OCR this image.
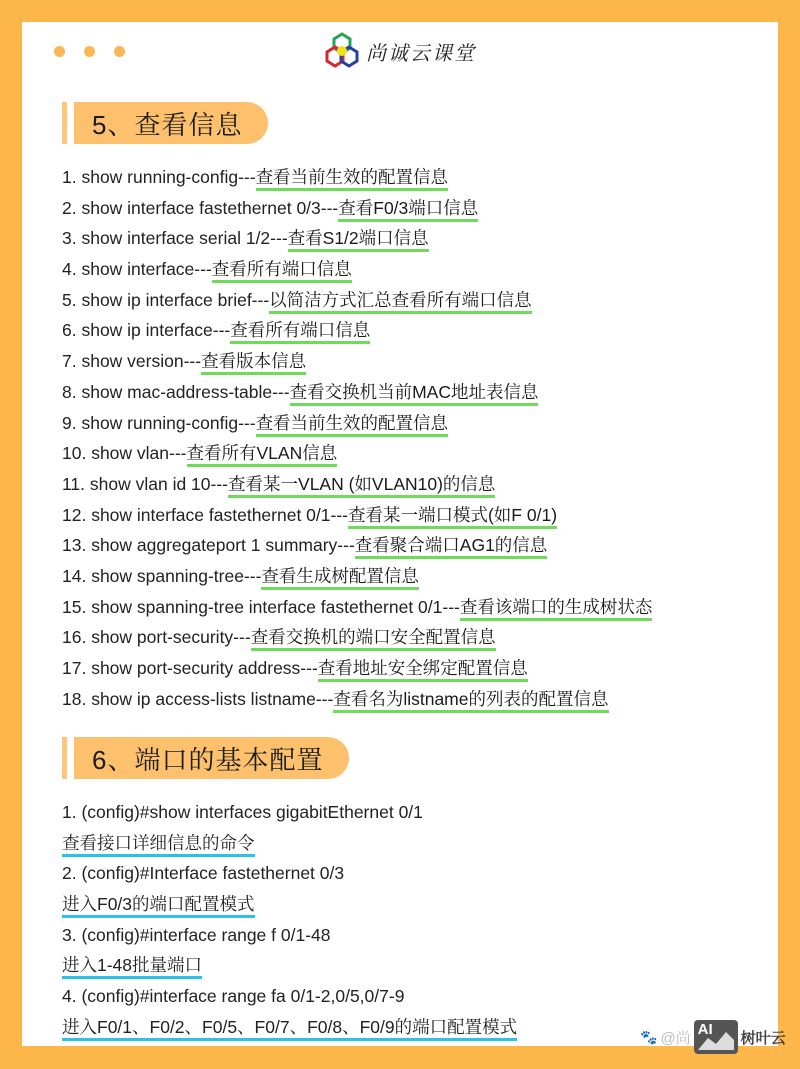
尚诚云课堂
5、查看信息
1. show running-config---查看当前生效的配置信息
2. show interface fastethernet 0/3---查看F0/3端口信息
3. show interface serial 1/2---查看S1/2端口信息
4. show interface---查看所有端口信息
5. show ip interface brief---以简洁方式汇总查看所有端口信息
6. show ip interface---查看所有端口信息
7. show version---查看版本信息
8. show mac-address-table---查看交换机当前MAC地址表信息
9. show running-config---查看当前生效的配置信息
10. show vlan---查看所有VLAN信息
11. show vlan id 10---查看某一VLAN (如VLAN10)的信息
12. show interface fastethernet 0/1---查看某一端口模式(如F 0/1)
13. show aggregateport 1 summary---查看聚合端口AG1的信息
14. show spanning-tree---查看生成树配置信息
15. show spanning-tree interface fastethernet 0/1---查看该端口的生成树状态
16. show port-security---查看交换机的端口安全配置信息
17. show port-security address---查看地址安全绑定配置信息
18. show ip access-lists listname---查看名为listname的列表的配置信息
6、端口的基本配置
1. (config)#show interfaces gigabitEthernet 0/1
查看接口详细信息的命令
2. (config)#Interface fastethernet 0/3
进入F0/3的端口配置模式
3. (config)#interface range f 0/1-48
进入1-48批量端口
4. (config)#interface range fa 0/1-2,0/5,0/7-9
进入F0/1、F0/2、F0/5、F0/7、F0/8、F0/9的端口配置模式	🐾 @尚 AI 树叶云
